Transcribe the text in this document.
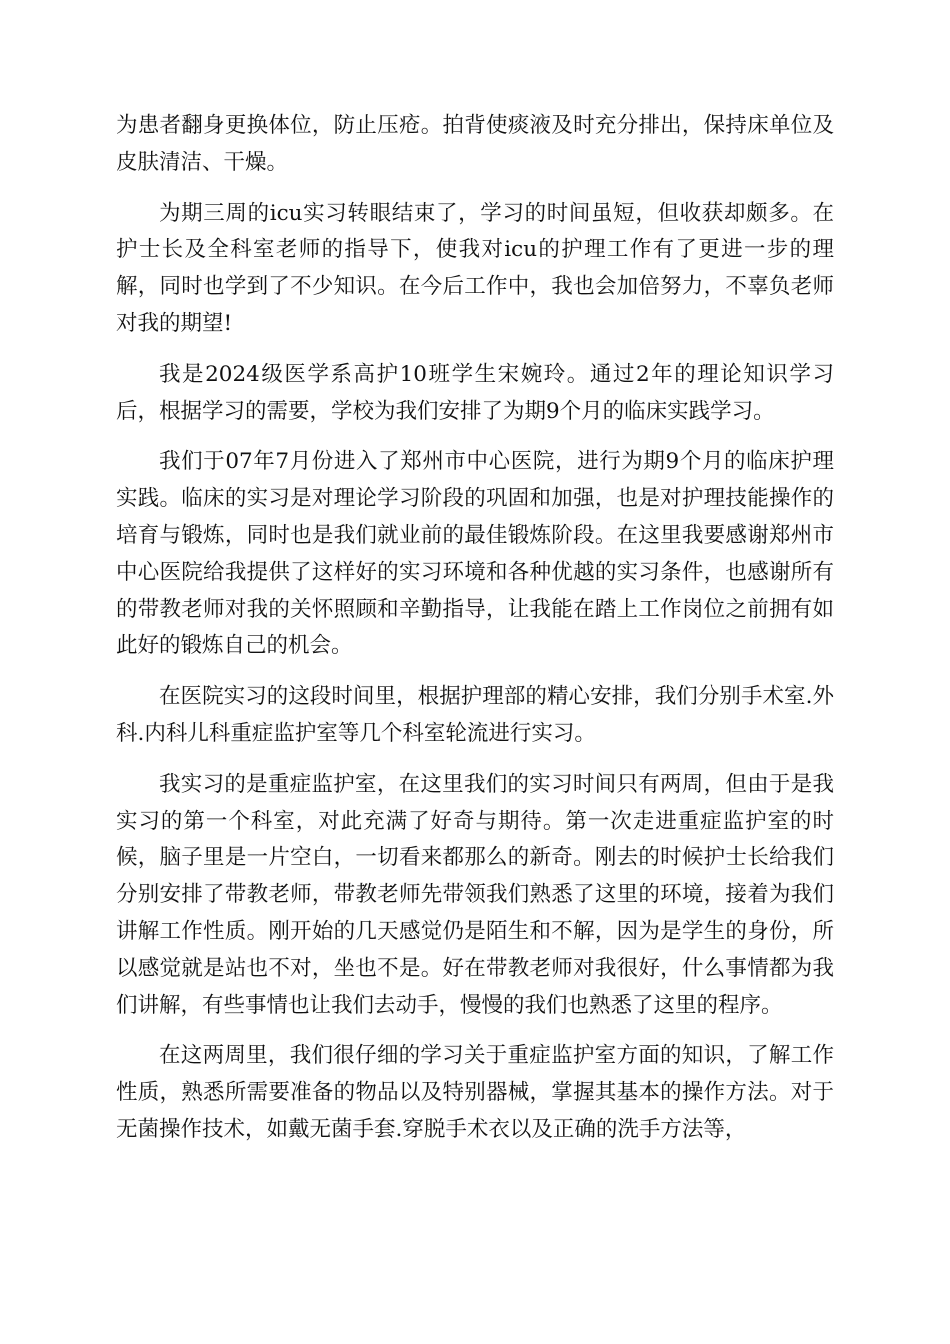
为患者翻身更换体位，防止压疮。拍背使痰液及时充分排出，保持床单位及皮肤清洁、干燥。

为期三周的icu实习转眼结束了，学习的时间虽短，但收获却颇多。在护士长及全科室老师的指导下，使我对icu的护理工作有了更进一步的理解，同时也学到了不少知识。在今后工作中，我也会加倍努力，不辜负老师对我的期望!

我是2024级医学系高护10班学生宋婉玲。通过2年的理论知识学习后，根据学习的需要，学校为我们安排了为期9个月的临床实践学习。

我们于07年7月份进入了郑州市中心医院，进行为期9个月的临床护理实践。临床的实习是对理论学习阶段的巩固和加强，也是对护理技能操作的培育与锻炼，同时也是我们就业前的最佳锻炼阶段。在这里我要感谢郑州市中心医院给我提供了这样好的实习环境和各种优越的实习条件，也感谢所有的带教老师对我的关怀照顾和辛勤指导，让我能在踏上工作岗位之前拥有如此好的锻炼自己的机会。

在医院实习的这段时间里，根据护理部的精心安排，我们分别手术室.外科.内科儿科重症监护室等几个科室轮流进行实习。

我实习的是重症监护室，在这里我们的实习时间只有两周，但由于是我实习的第一个科室，对此充满了好奇与期待。第一次走进重症监护室的时候，脑子里是一片空白，一切看来都那么的新奇。刚去的时候护士长给我们分别安排了带教老师，带教老师先带领我们熟悉了这里的环境，接着为我们讲解工作性质。刚开始的几天感觉仍是陌生和不解，因为是学生的身份，所以感觉就是站也不对，坐也不是。好在带教老师对我很好，什么事情都为我们讲解，有些事情也让我们去动手，慢慢的我们也熟悉了这里的程序。

在这两周里，我们很仔细的学习关于重症监护室方面的知识，了解工作性质，熟悉所需要准备的物品以及特别器械，掌握其基本的操作方法。对于无菌操作技术，如戴无菌手套.穿脱手术衣以及正确的洗手方法等，
